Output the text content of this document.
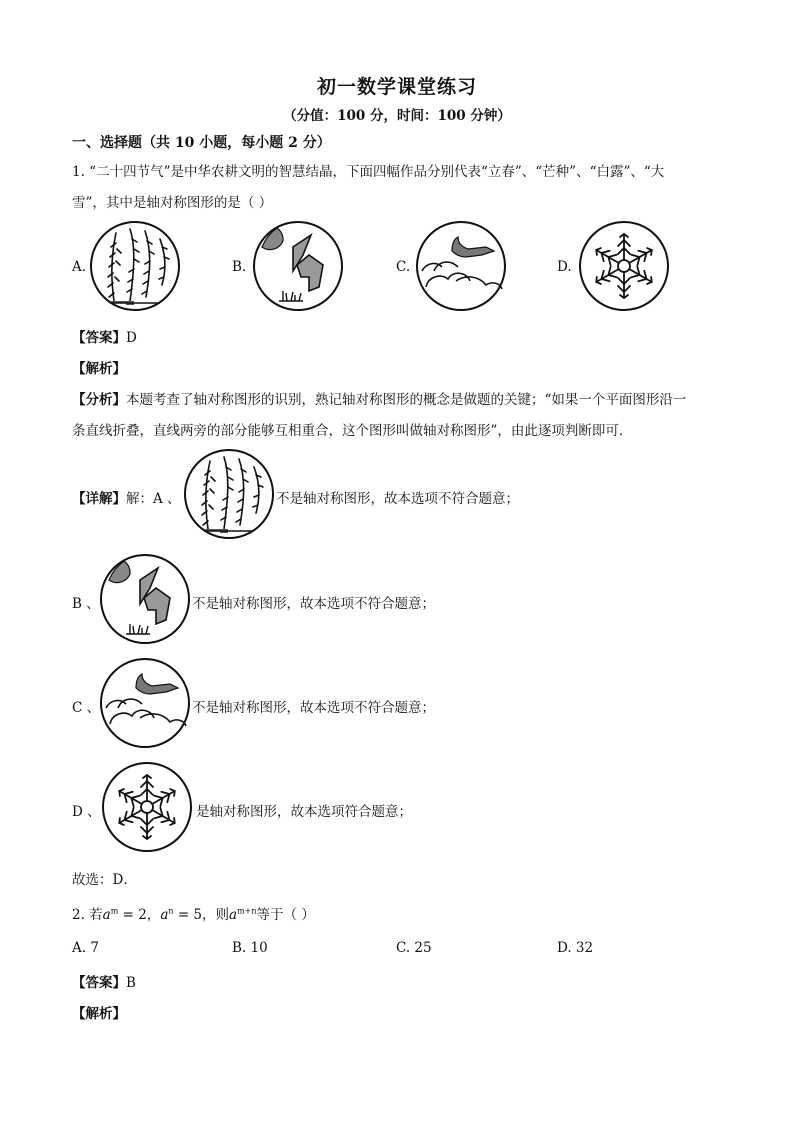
初一数学课堂练习
（分值：100 分，时间：100 分钟）
一、选择题（共 10 小题，每小题 2 分）
1. “二十四节气”是中华农耕文明的智慧结晶，下面四幅作品分别代表“立春”、“芒种”、“白露”、“大
雪”，其中是轴对称图形的是（ ）
A.	B.	C.	D.
【答案】D
【解析】
【分析】本题考查了轴对称图形的识别，熟记轴对称图形的概念是做题的关键；“如果一个平面图形沿一
条直线折叠，直线两旁的部分能够互相重合，这个图形叫做轴对称图形”，由此逐项判断即可．
【详解】解：A 、	不是轴对称图形，故本选项不符合题意；
B 、	不是轴对称图形，故本选项不符合题意；
C 、	不是轴对称图形，故本选项不符合题意；
D 、	是轴对称图形，故本选项符合题意；
故选：D．
2. 若$a^m = 2$，$a^n = 5$，则$a^{m+n}$等于（ ）
A. 7	B. 10	C. 25	D. 32
【答案】B
【解析】
